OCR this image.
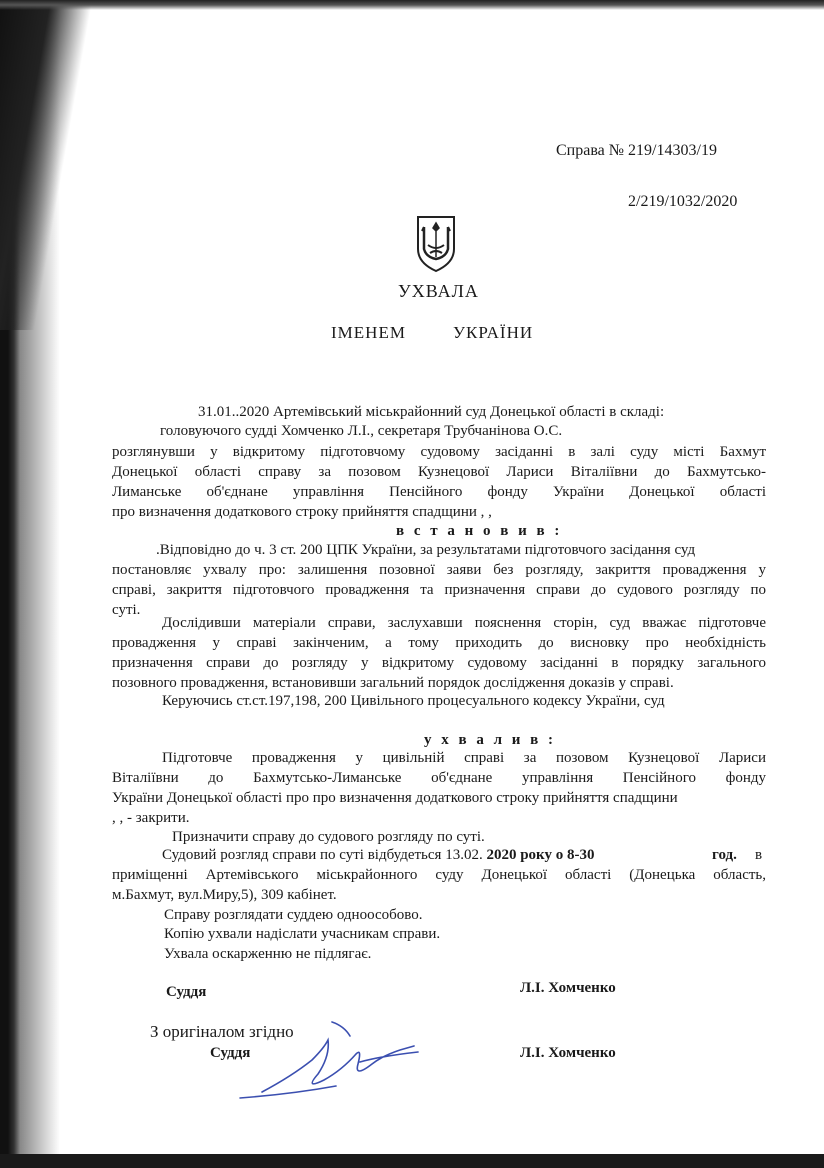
Справа № 219/14303/19
2/219/1032/2020
УХВАЛА
ІМЕНЕМ	УКРАЇНИ
31.01..2020 Артемівський міськрайонний суд Донецької області в складі:
головуючого судді Хомченко Л.І., секретаря Трубчанінова О.С.
розглянувши у відкритому підготовчому судовому засіданні в залі суду місті Бахмут
Донецької області справу за позовом Кузнецової Лариси Віталіївни до Бахмутсько-
Лиманське об'єднане управління Пенсійного фонду України Донецької області
про визначення додаткового строку прийняття спадщини , ,
в с т а н о в и в :
.Відповідно до ч. 3 ст. 200 ЦПК України, за результатами підготовчого засідання суд
постановляє ухвалу про: залишення позовної заяви без розгляду, закриття провадження у
справі, закриття підготовчого провадження та призначення справи до судового розгляду по
суті.
Дослідивши матеріали справи, заслухавши пояснення сторін, суд вважає підготовче
провадження у справі закінченим, а тому приходить до висновку про необхідність
призначення справи до розгляду у відкритому судовому засіданні в порядку загального
позовного провадження, встановивши загальний порядок дослідження доказів у справі.
Керуючись ст.ст.197,198, 200 Цивільного процесуального кодексу України, суд
у х в а л и в :
Підготовче провадження у цивільній справі за позовом Кузнецової Лариси
Віталіївни до Бахмутсько-Лиманське об'єднане управління Пенсійного фонду
України Донецької області про про визначення додаткового строку прийняття спадщини
, , - закрити.
Призначити справу до судового розгляду по суті.
Судовий розгляд справи по суті відбудеться 13.02. 2020 року о 8-30	год. в
приміщенні Артемівського міськрайонного суду Донецької області (Донецька область,
м.Бахмут, вул.Миру,5), 309 кабінет.
Справу розглядати суддею одноособово.
Копію ухвали надіслати учасникам справи.
Ухвала оскарженню не підлягає.
Суддя	Л.І. Хомченко
З оригіналом згідно
Суддя	Л.І. Хомченко
